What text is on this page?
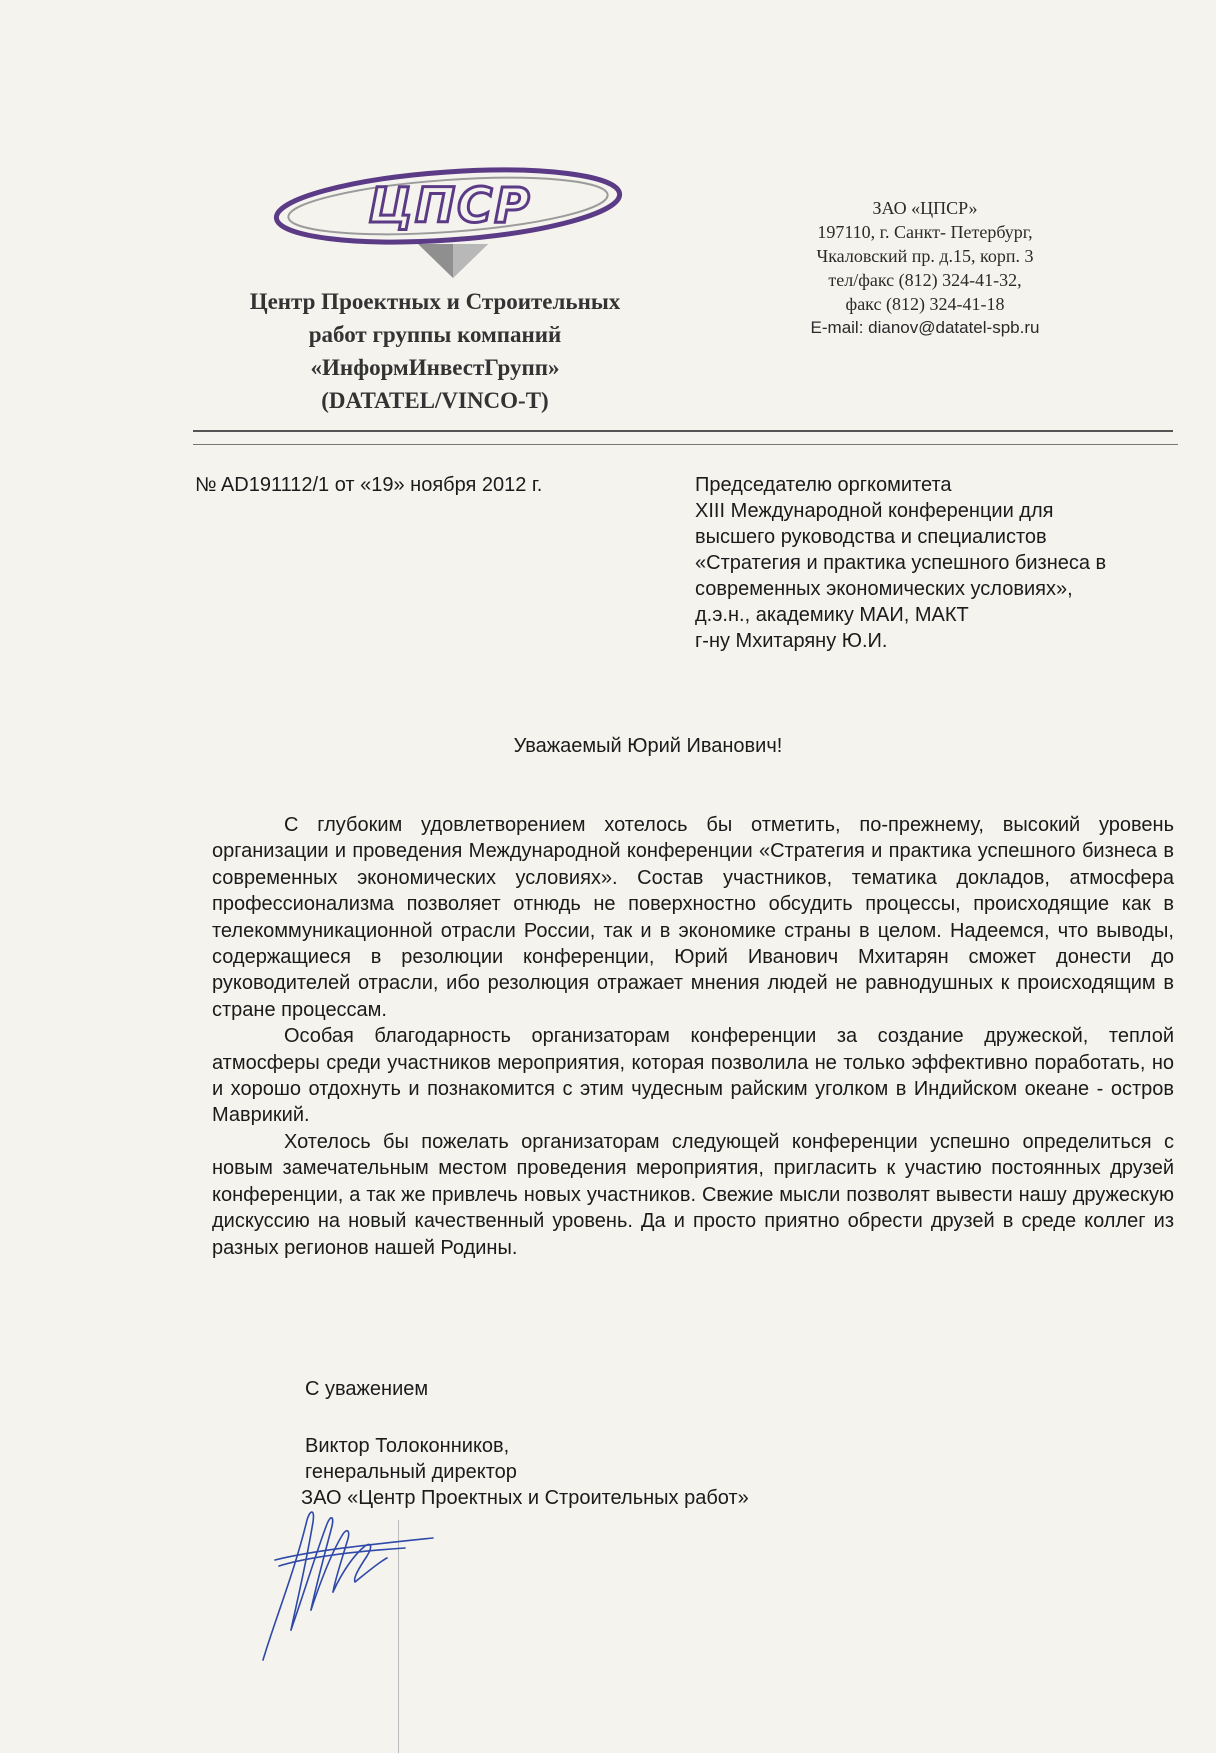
ЦПСР
Центр Проектных и Строительных
работ группы компаний
«ИнформИнвестГрупп»
(DATATEL/VINCO-T)
ЗАО «ЦПСР»
197110, г. Санкт- Петербург,
Чкаловский пр. д.15, корп. 3
тел/факс (812) 324-41-32,
факс (812) 324-41-18
E-mail: dianov@datatel-spb.ru
№ AD191112/1 от «19» ноября 2012 г.	Председателю оргкомитета
XIII Международной конференции для
высшего руководства и специалистов
«Стратегия и практика успешного бизнеса в
современных экономических условиях»,
д.э.н., академику МАИ, МАКТ
г-ну Мхитаряну Ю.И.
Уважаемый Юрий Иванович!

С глубоким удовлетворением хотелось бы отметить, по-прежнему, высокий уровень организации и проведения Международной конференции «Стратегия и практика успешного бизнеса в современных экономических условиях». Состав участников, тематика докладов, атмосфера профессионализма позволяет отнюдь не поверхностно обсудить процессы, происходящие как в телекоммуникационной отрасли России, так и в экономике страны в целом. Надеемся, что выводы, содержащиеся в резолюции конференции, Юрий Иванович Мхитарян сможет донести до руководителей отрасли, ибо резолюция отражает мнения людей не равнодушных к происходящим в стране процессам.

Особая благодарность организаторам конференции за создание дружеской, теплой атмосферы среди участников мероприятия, которая позволила не только эффективно поработать, но и хорошо отдохнуть и познакомится с этим чудесным райским уголком в Индийском океане - остров Маврикий.

Хотелось бы пожелать организаторам следующей конференции успешно определиться с новым замечательным местом проведения мероприятия, пригласить к участию постоянных друзей конференции, а так же привлечь новых участников. Свежие мысли позволят вывести нашу дружескую дискуссию на новый качественный уровень. Да и просто приятно обрести друзей в среде коллег из разных регионов нашей Родины.

С уважением
Виктор Толоконников,
генеральный директор
ЗАО «Центр Проектных и Строительных работ»
